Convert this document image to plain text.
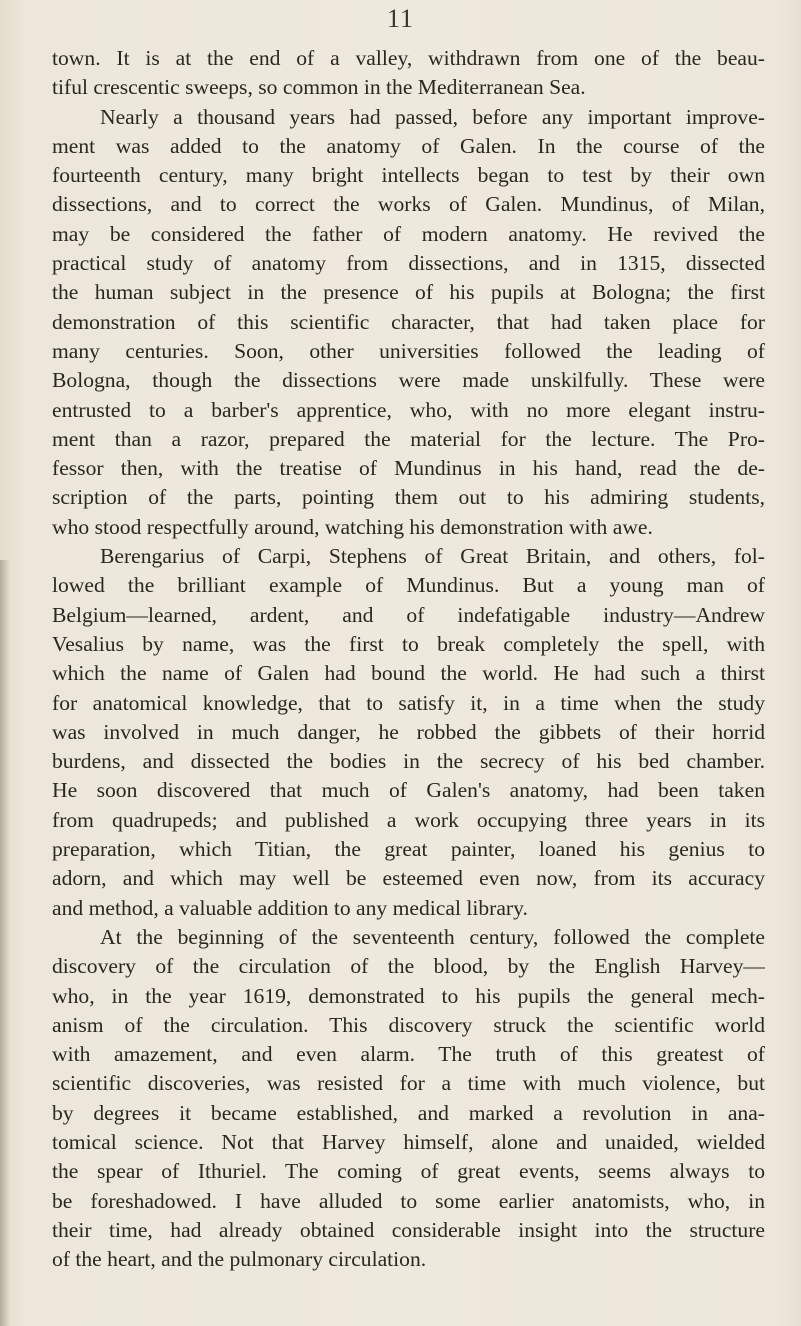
11

town. It is at the end of a valley, withdrawn from one of the beau-
tiful crescentic sweeps, so common in the Mediterranean Sea.

Nearly a thousand years had passed, before any important improve-
ment was added to the anatomy of Galen. In the course of the
fourteenth century, many bright intellects began to test by their own
dissections, and to correct the works of Galen. Mundinus, of Milan,
may be considered the father of modern anatomy. He revived the
practical study of anatomy from dissections, and in 1315, dissected
the human subject in the presence of his pupils at Bologna; the first
demonstration of this scientific character, that had taken place for
many centuries. Soon, other universities followed the leading of
Bologna, though the dissections were made unskilfully. These were
entrusted to a barber's apprentice, who, with no more elegant instru-
ment than a razor, prepared the material for the lecture. The Pro-
fessor then, with the treatise of Mundinus in his hand, read the de-
scription of the parts, pointing them out to his admiring students,
who stood respectfully around, watching his demonstration with awe.

Berengarius of Carpi, Stephens of Great Britain, and others, fol-
lowed the brilliant example of Mundinus. But a young man of
Belgium—learned, ardent, and of indefatigable industry—Andrew
Vesalius by name, was the first to break completely the spell, with
which the name of Galen had bound the world. He had such a thirst
for anatomical knowledge, that to satisfy it, in a time when the study
was involved in much danger, he robbed the gibbets of their horrid
burdens, and dissected the bodies in the secrecy of his bed chamber.
He soon discovered that much of Galen's anatomy, had been taken
from quadrupeds; and published a work occupying three years in its
preparation, which Titian, the great painter, loaned his genius to
adorn, and which may well be esteemed even now, from its accuracy
and method, a valuable addition to any medical library.

At the beginning of the seventeenth century, followed the complete
discovery of the circulation of the blood, by the English Harvey—
who, in the year 1619, demonstrated to his pupils the general mech-
anism of the circulation. This discovery struck the scientific world
with amazement, and even alarm. The truth of this greatest of
scientific discoveries, was resisted for a time with much violence, but
by degrees it became established, and marked a revolution in ana-
tomical science. Not that Harvey himself, alone and unaided, wielded
the spear of Ithuriel. The coming of great events, seems always to
be foreshadowed. I have alluded to some earlier anatomists, who, in
their time, had already obtained considerable insight into the structure
of the heart, and the pulmonary circulation.
